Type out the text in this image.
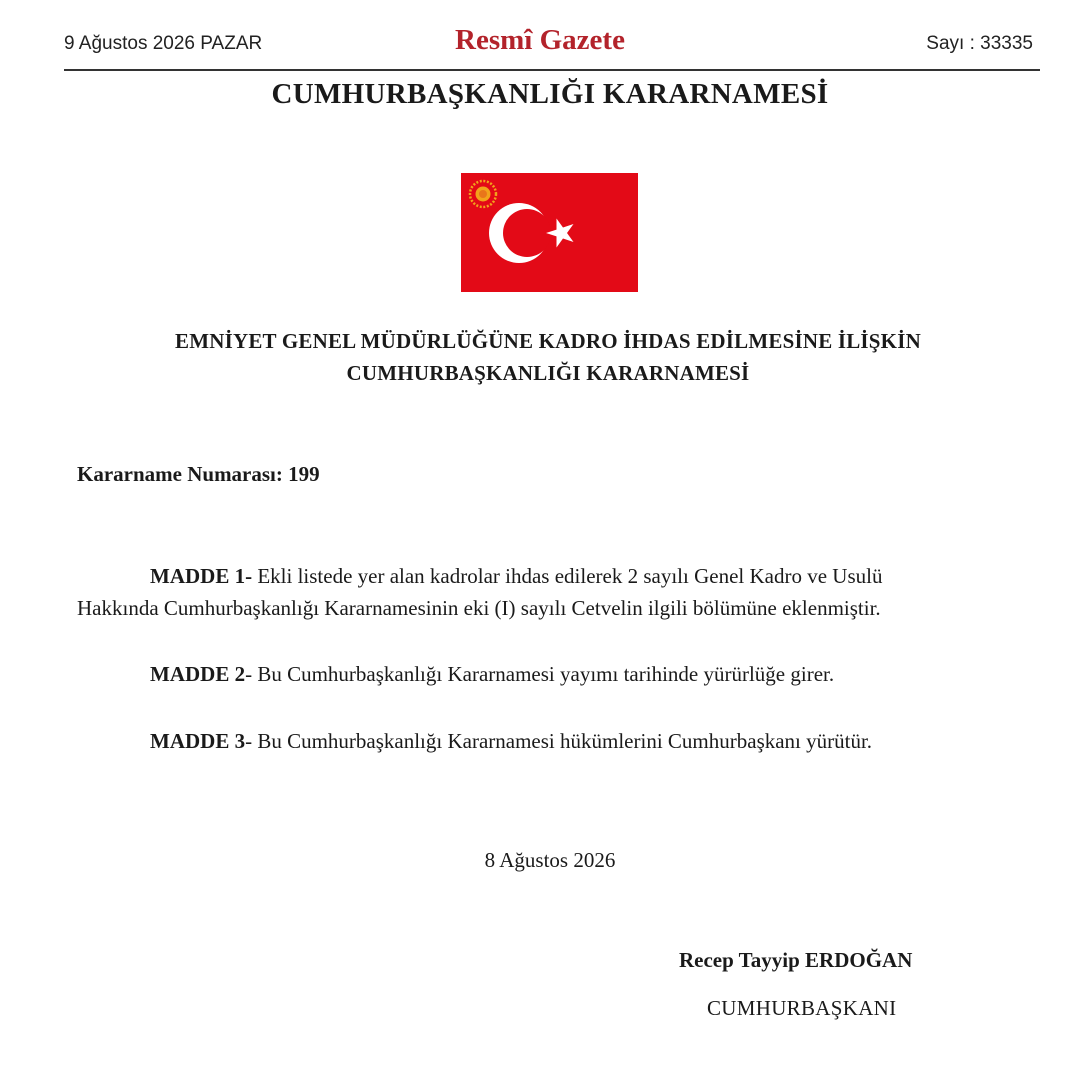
9 Ağustos 2026 PAZAR	Resmî Gazete	Sayı : 33335
CUMHURBAŞKANLIĞI KARARNAMESİ
EMNİYET GENEL MÜDÜRLÜĞÜNE KADRO İHDAS EDİLMESİNE İLİŞKİN
CUMHURBAŞKANLIĞI KARARNAMESİ
Kararname Numarası: 199
MADDE 1- Ekli listede yer alan kadrolar ihdas edilerek 2 sayılı Genel Kadro ve Usulü
Hakkında Cumhurbaşkanlığı Kararnamesinin eki (I) sayılı Cetvelin ilgili bölümüne eklenmiştir.
MADDE 2- Bu Cumhurbaşkanlığı Kararnamesi yayımı tarihinde yürürlüğe girer.
MADDE 3- Bu Cumhurbaşkanlığı Kararnamesi hükümlerini Cumhurbaşkanı yürütür.
8 Ağustos 2026
Recep Tayyip ERDOĞAN
CUMHURBAŞKANI
